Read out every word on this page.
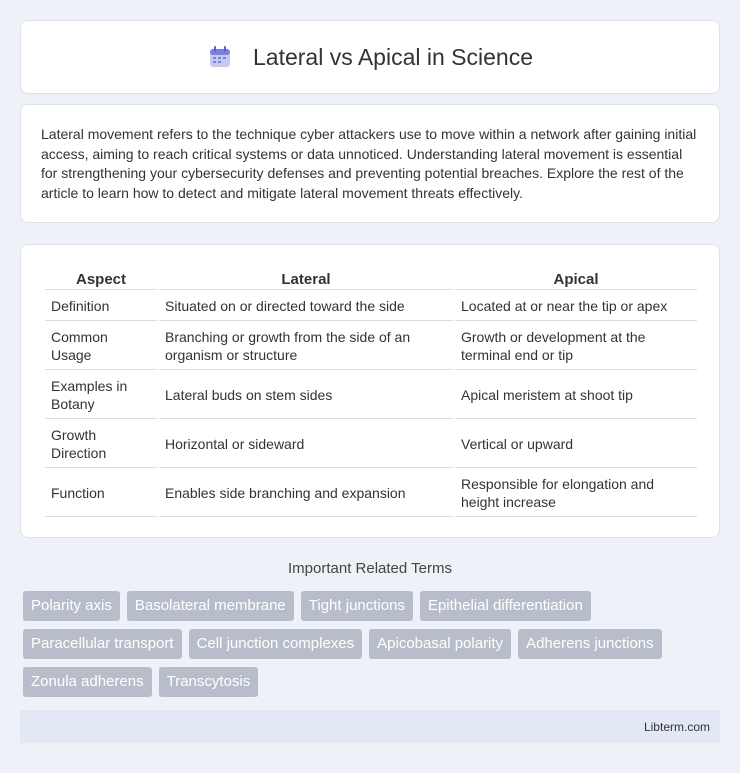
Lateral vs Apical in Science

Lateral movement refers to the technique cyber attackers use to move within a network after gaining initial access, aiming to reach critical systems or data unnoticed. Understanding lateral movement is essential for strengthening your cybersecurity defenses and preventing potential breaches. Explore the rest of the article to learn how to detect and mitigate lateral movement threats effectively.

Aspect	Lateral	Apical
Definition	Situated on or directed toward the side	Located at or near the tip or apex
Common Usage	Branching or growth from the side of an organism or structure	Growth or development at the terminal end or tip
Examples in Botany	Lateral buds on stem sides	Apical meristem at shoot tip
Growth Direction	Horizontal or sideward	Vertical or upward
Function	Enables side branching and expansion	Responsible for elongation and height increase
Important Related Terms
Polarity axis	Basolateral membrane	Tight junctions	Epithelial differentiation
Paracellular transport	Cell junction complexes	Apicobasal polarity	Adherens junctions
Zonula adherens	Transcytosis
Libterm.com
